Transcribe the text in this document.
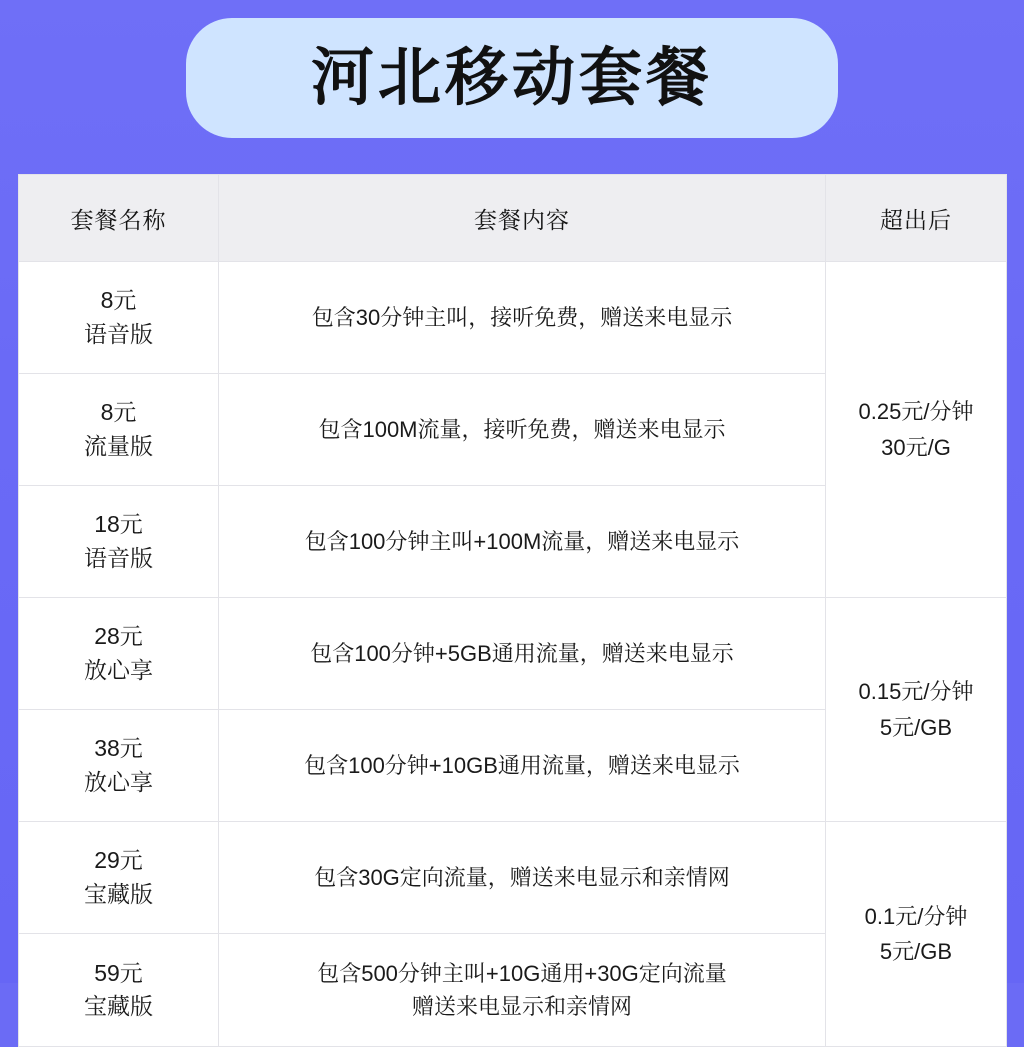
河北移动套餐
套餐名称	套餐内容	超出后

8元
语音版	包含30分钟主叫，接听免费，赠送来电显示	0.25元/分钟
30元/G

8元
流量版	包含100M流量，接听免费，赠送来电显示	

18元
语音版	包含100分钟主叫+100M流量，赠送来电显示	

28元
放心享	包含100分钟+5GB通用流量，赠送来电显示	0.15元/分钟
5元/GB

38元
放心享	包含100分钟+10GB通用流量，赠送来电显示	

29元
宝藏版	包含30G定向流量，赠送来电显示和亲情网	0.1元/分钟
5元/GB

59元
宝藏版	包含500分钟主叫+10G通用+30G定向流量
赠送来电显示和亲情网	
